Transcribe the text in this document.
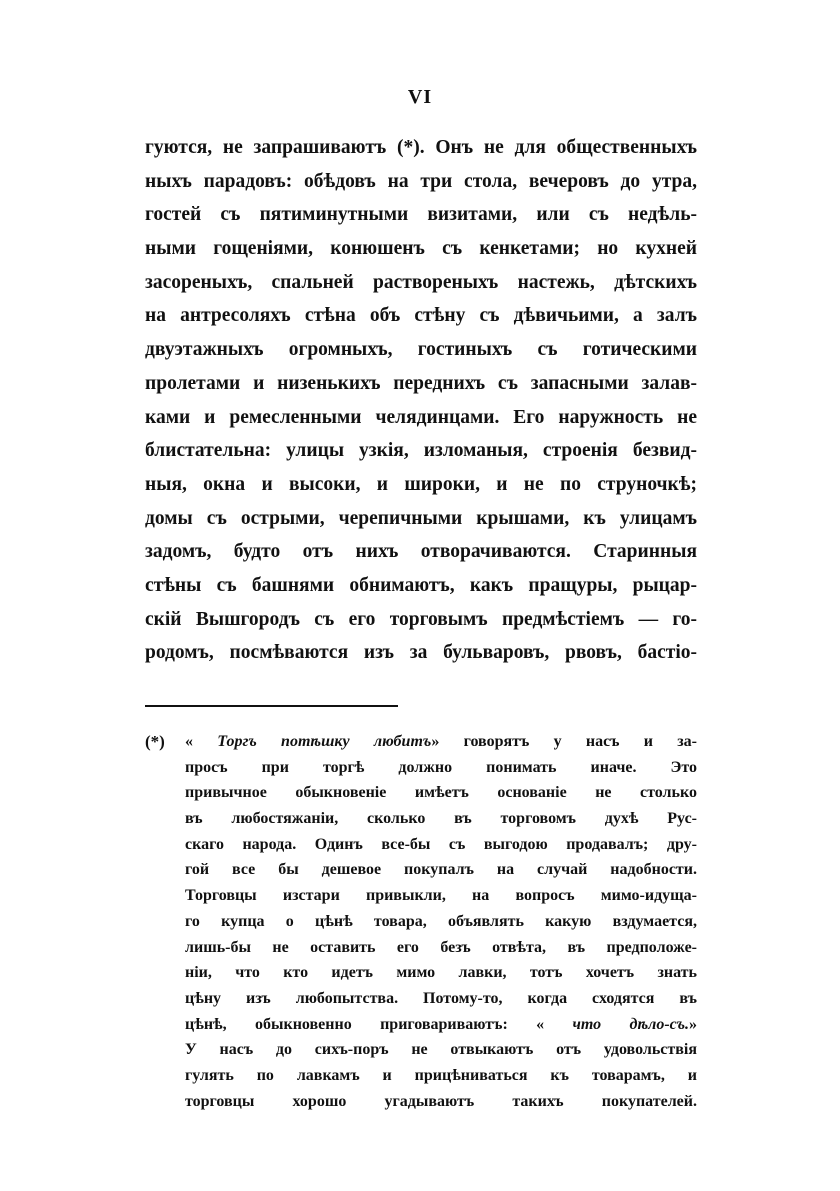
VI
гуются, не запрашиваютъ (*). Онъ не для общественныхъ
ныхъ парадовъ: обѣдовъ на три стола, вечеровъ до утра,
гостей съ пятиминутными визитами, или съ недѣль-
ными гощеніями, конюшенъ съ кенкетами; но кухней
засореныхъ, спальней раствореныхъ настежь, дѣтскихъ
на антресоляхъ стѣна объ стѣну съ дѣвичьими, а залъ
двуэтажныхъ огромныхъ, гостиныхъ съ готическими
пролетами и низенькихъ переднихъ съ запасными залав-
ками и ремесленными челядинцами. Его наружность не
блистательна: улицы узкія, изломаныя, строенія безвид-
ныя, окна и высоки, и широки, и не по струночкѣ;
домы съ острыми, черепичными крышами, къ улицамъ
задомъ, будто отъ нихъ отворачиваются. Старинныя
стѣны съ башнями обнимаютъ, какъ пращуры, рыцар-
скій Вышгородъ съ его торговымъ предмѣстіемъ — го-
родомъ, посмѣваются изъ за бульваровъ, рвовъ, бастіо-
(*) « Торгъ потѣшку любитъ» говорятъ у насъ и за-
просъ при торгѣ должно понимать иначе. Это
привычное обыкновеніе имѣетъ основаніе не столько
въ любостяжаніи, сколько въ торговомъ духѣ Рус-
скаго народа. Одинъ все-бы съ выгодою продавалъ; дру-
гой все бы дешевое покупалъ на случай надобности.
Торговцы изстари привыкли, на вопросъ мимо-идуща-
го купца о цѣнѣ товара, объявлять какую вздумается,
лишь-бы не оставить его безъ отвѣта, въ предположе-
ніи, что кто идетъ мимо лавки, тотъ хочетъ знать
цѣну изъ любопытства. Потому-то, когда сходятся въ
цѣнѣ, обыкновенно приговариваютъ: « что дѣло-съ.»
У насъ до сихъ-поръ не отвыкаютъ отъ удовольствія
гулять по лавкамъ и прицѣниваться къ товарамъ, и
торговцы хорошо угадываютъ такихъ покупателей.
